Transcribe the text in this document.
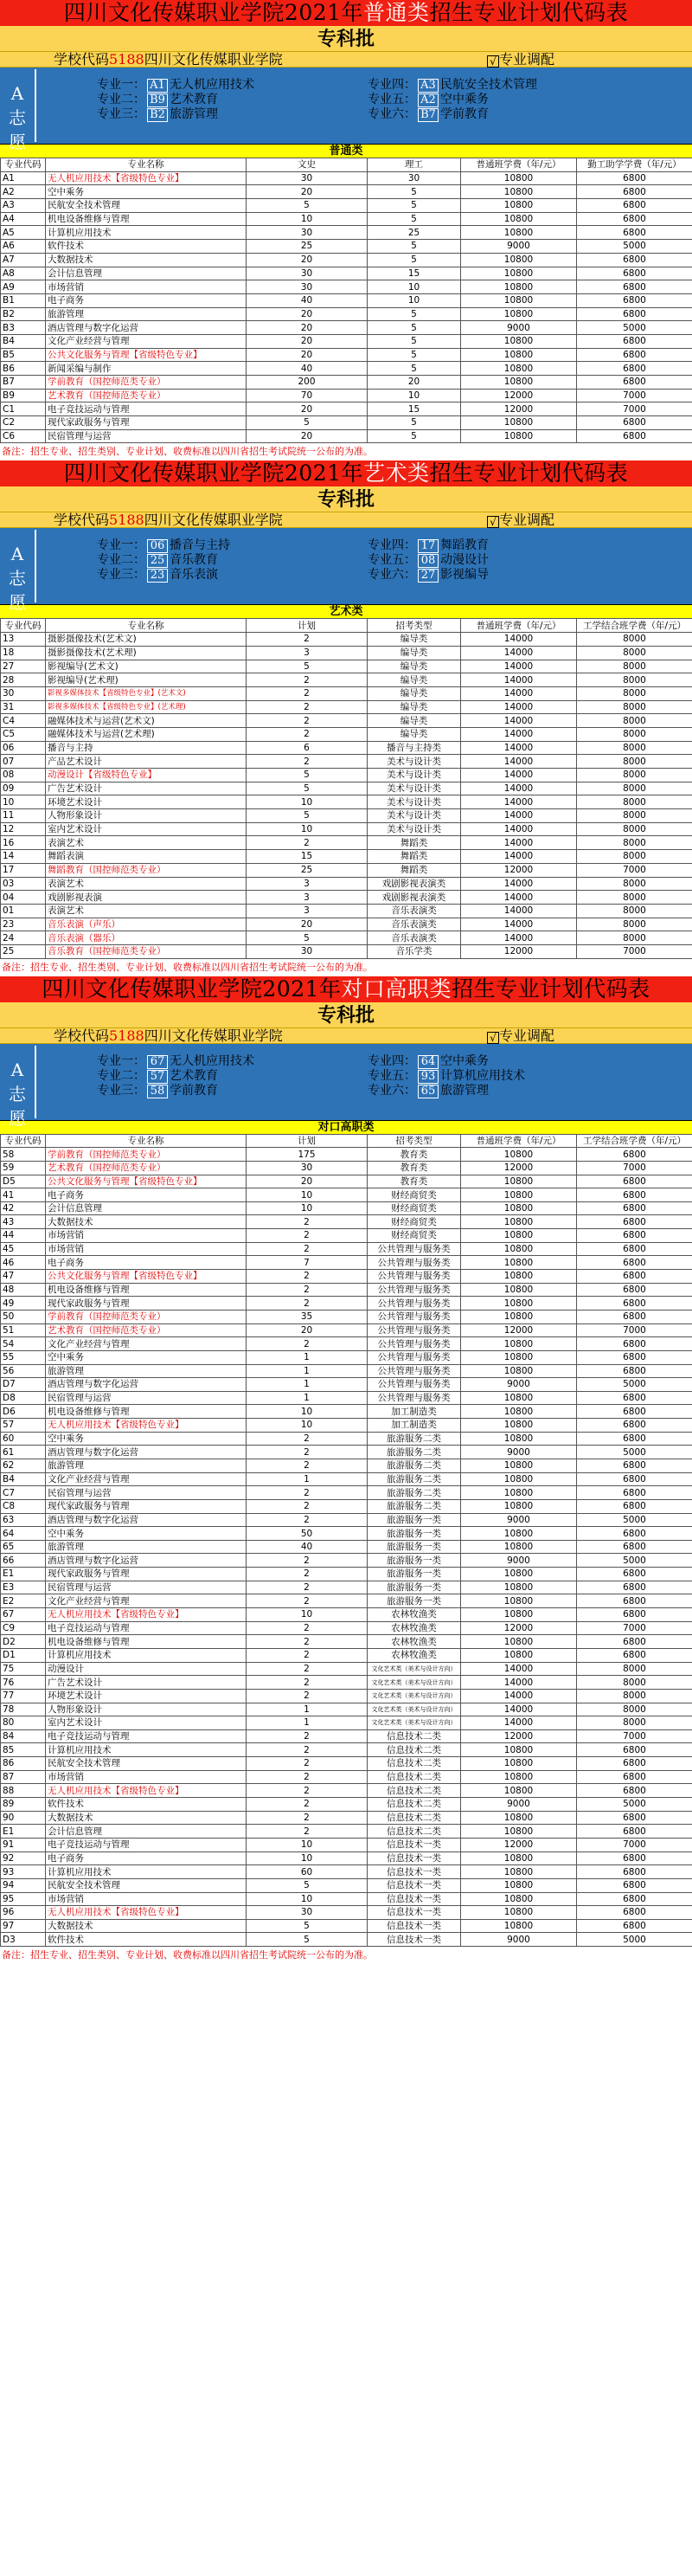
四川文化传媒职业学院2021年普通类招生专业计划代码表
专科批
学校代码5188四川文化传媒职业学院	√ 专业调配
A
志
愿
专业一： A1 无人机应用技术
专业二： B9 艺术教育
专业三： B2 旅游管理
专业四： A3 民航安全技术管理
专业五： A2 空中乘务
专业六： B7 学前教育
普通类
专业代码	专业名称	文史	理工	普通班学费（年/元）	勤工助学学费（年/元）
A1	无人机应用技术【省级特色专业】	30	30	10800	6800
A2	空中乘务	20	5	10800	6800
A3	民航安全技术管理	5	5	10800	6800
A4	机电设备维修与管理	10	5	10800	6800
A5	计算机应用技术	30	25	10800	6800
A6	软件技术	25	5	9000	5000
A7	大数据技术	20	5	10800	6800
A8	会计信息管理	30	15	10800	6800
A9	市场营销	30	10	10800	6800
B1	电子商务	40	10	10800	6800
B2	旅游管理	20	5	10800	6800
B3	酒店管理与数字化运营	20	5	9000	5000
B4	文化产业经营与管理	20	5	10800	6800
B5	公共文化服务与管理【省级特色专业】	20	5	10800	6800
B6	新闻采编与制作	40	5	10800	6800
B7	学前教育（国控师范类专业）	200	20	10800	6800
B9	艺术教育（国控师范类专业）	70	10	12000	7000
C1	电子竞技运动与管理	20	15	12000	7000
C2	现代家政服务与管理	5	5	10800	6800
C6	民宿管理与运营	20	5	10800	6800
备注：招生专业、招生类别、专业计划、收费标准以四川省招生考试院统一公布的为准。
四川文化传媒职业学院2021年艺术类招生专业计划代码表
专科批
学校代码5188四川文化传媒职业学院	√ 专业调配
A
志
愿
专业一： 06 播音与主持
专业二： 25 音乐教育
专业三： 23 音乐表演
专业四： 17 舞蹈教育
专业五： 08 动漫设计
专业六： 27 影视编导
艺术类
专业代码	专业名称	计划	招考类型	普通班学费（年/元）	工学结合班学费（年/元）
13	摄影摄像技术(艺术文)	2	编导类	14000	8000
18	摄影摄像技术(艺术理)	3	编导类	14000	8000
27	影视编导(艺术文)	5	编导类	14000	8000
28	影视编导(艺术理)	2	编导类	14000	8000
30	影视多媒体技术【省级特色专业】(艺术文)	2	编导类	14000	8000
31	影视多媒体技术【省级特色专业】(艺术理)	2	编导类	14000	8000
C4	融媒体技术与运营(艺术文)	2	编导类	14000	8000
C5	融媒体技术与运营(艺术理)	2	编导类	14000	8000
06	播音与主持	6	播音与主持类	14000	8000
07	产品艺术设计	2	美术与设计类	14000	8000
08	动漫设计【省级特色专业】	5	美术与设计类	14000	8000
09	广告艺术设计	5	美术与设计类	14000	8000
10	环境艺术设计	10	美术与设计类	14000	8000
11	人物形象设计	5	美术与设计类	14000	8000
12	室内艺术设计	10	美术与设计类	14000	8000
16	表演艺术	2	舞蹈类	14000	8000
14	舞蹈表演	15	舞蹈类	14000	8000
17	舞蹈教育（国控师范类专业）	25	舞蹈类	12000	7000
03	表演艺术	3	戏剧影视表演类	14000	8000
04	戏剧影视表演	3	戏剧影视表演类	14000	8000
01	表演艺术	3	音乐表演类	14000	8000
23	音乐表演（声乐）	20	音乐表演类	14000	8000
24	音乐表演（器乐）	5	音乐表演类	14000	8000
25	音乐教育（国控师范类专业）	30	音乐学类	12000	7000
备注：招生专业、招生类别、专业计划、收费标准以四川省招生考试院统一公布的为准。
四川文化传媒职业学院2021年对口高职类招生专业计划代码表
专科批
学校代码5188四川文化传媒职业学院	√ 专业调配
A
志
愿
专业一： 67 无人机应用技术
专业二： 57 艺术教育
专业三： 58 学前教育
专业四： 64 空中乘务
专业五： 93 计算机应用技术
专业六： 65 旅游管理
对口高职类
专业代码	专业名称	计划	招考类型	普通班学费（年/元）	工学结合班学费（年/元）
58	学前教育（国控师范类专业）	175	教育类	10800	6800
59	艺术教育（国控师范类专业）	30	教育类	12000	7000
D5	公共文化服务与管理【省级特色专业】	20	教育类	10800	6800
41	电子商务	10	财经商贸类	10800	6800
42	会计信息管理	10	财经商贸类	10800	6800
43	大数据技术	2	财经商贸类	10800	6800
44	市场营销	2	财经商贸类	10800	6800
45	市场营销	2	公共管理与服务类	10800	6800
46	电子商务	7	公共管理与服务类	10800	6800
47	公共文化服务与管理【省级特色专业】	2	公共管理与服务类	10800	6800
48	机电设备维修与管理	2	公共管理与服务类	10800	6800
49	现代家政服务与管理	2	公共管理与服务类	10800	6800
50	学前教育（国控师范类专业）	35	公共管理与服务类	10800	6800
51	艺术教育（国控师范类专业）	20	公共管理与服务类	12000	7000
54	文化产业经营与管理	2	公共管理与服务类	10800	6800
55	空中乘务	1	公共管理与服务类	10800	6800
56	旅游管理	1	公共管理与服务类	10800	6800
D7	酒店管理与数字化运营	1	公共管理与服务类	9000	5000
D8	民宿管理与运营	1	公共管理与服务类	10800	6800
D6	机电设备维修与管理	10	加工制造类	10800	6800
57	无人机应用技术【省级特色专业】	10	加工制造类	10800	6800
60	空中乘务	2	旅游服务二类	10800	6800
61	酒店管理与数字化运营	2	旅游服务二类	9000	5000
62	旅游管理	2	旅游服务二类	10800	6800
B4	文化产业经营与管理	1	旅游服务二类	10800	6800
C7	民宿管理与运营	2	旅游服务二类	10800	6800
C8	现代家政服务与管理	2	旅游服务二类	10800	6800
63	酒店管理与数字化运营	2	旅游服务一类	9000	5000
64	空中乘务	50	旅游服务一类	10800	6800
65	旅游管理	40	旅游服务一类	10800	6800
66	酒店管理与数字化运营	2	旅游服务一类	9000	5000
E1	现代家政服务与管理	2	旅游服务一类	10800	6800
E3	民宿管理与运营	2	旅游服务一类	10800	6800
E2	文化产业经营与管理	2	旅游服务一类	10800	6800
67	无人机应用技术【省级特色专业】	10	农林牧渔类	10800	6800
C9	电子竞技运动与管理	2	农林牧渔类	12000	7000
D2	机电设备维修与管理	2	农林牧渔类	10800	6800
D1	计算机应用技术	2	农林牧渔类	10800	6800
75	动漫设计	2	文化艺术类（美术与设计方向）	14000	8000
76	广告艺术设计	2	文化艺术类（美术与设计方向）	14000	8000
77	环境艺术设计	2	文化艺术类（美术与设计方向）	14000	8000
78	人物形象设计	1	文化艺术类（美术与设计方向）	14000	8000
80	室内艺术设计	1	文化艺术类（美术与设计方向）	14000	8000
84	电子竞技运动与管理	2	信息技术二类	12000	7000
85	计算机应用技术	2	信息技术二类	10800	6800
86	民航安全技术管理	2	信息技术二类	10800	6800
87	市场营销	2	信息技术二类	10800	6800
88	无人机应用技术【省级特色专业】	2	信息技术二类	10800	6800
89	软件技术	2	信息技术二类	9000	5000
90	大数据技术	2	信息技术二类	10800	6800
E1	会计信息管理	2	信息技术二类	10800	6800
91	电子竞技运动与管理	10	信息技术一类	12000	7000
92	电子商务	10	信息技术一类	10800	6800
93	计算机应用技术	60	信息技术一类	10800	6800
94	民航安全技术管理	5	信息技术一类	10800	6800
95	市场营销	10	信息技术一类	10800	6800
96	无人机应用技术【省级特色专业】	30	信息技术一类	10800	6800
97	大数据技术	5	信息技术一类	10800	6800
D3	软件技术	5	信息技术一类	9000	5000
备注：招生专业、招生类别、专业计划、收费标准以四川省招生考试院统一公布的为准。
